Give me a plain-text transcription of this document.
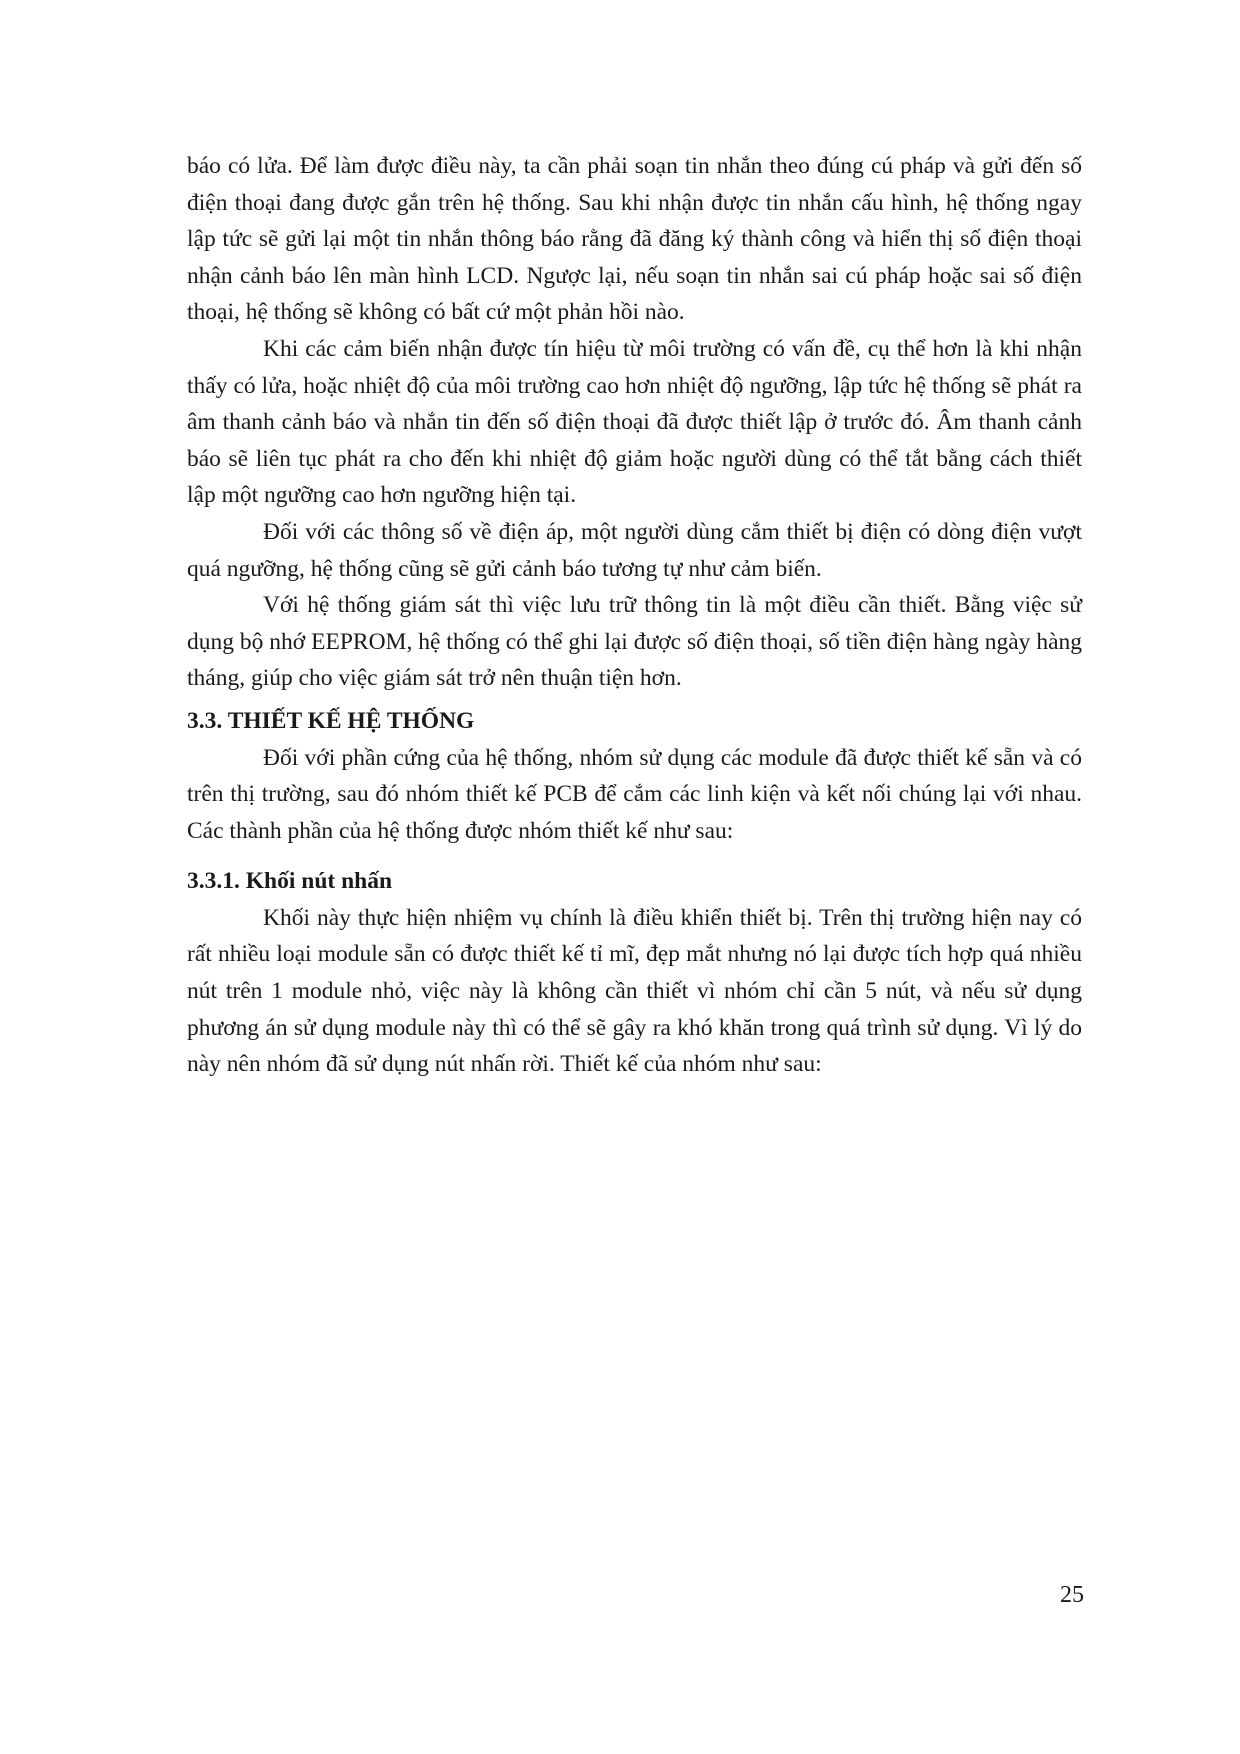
báo có lửa. Để làm được điều này, ta cần phải soạn tin nhắn theo đúng cú pháp và gửi đến số điện thoại đang được gắn trên hệ thống. Sau khi nhận được tin nhắn cấu hình, hệ thống ngay lập tức sẽ gửi lại một tin nhắn thông báo rằng đã đăng ký thành công và hiển thị số điện thoại nhận cảnh báo lên màn hình LCD. Ngược lại, nếu soạn tin nhắn sai cú pháp hoặc sai số điện thoại, hệ thống sẽ không có bất cứ một phản hồi nào.

Khi các cảm biến nhận được tín hiệu từ môi trường có vấn đề, cụ thể hơn là khi nhận thấy có lửa, hoặc nhiệt độ của môi trường cao hơn nhiệt độ ngưỡng, lập tức hệ thống sẽ phát ra âm thanh cảnh báo và nhắn tin đến số điện thoại đã được thiết lập ở trước đó. Âm thanh cảnh báo sẽ liên tục phát ra cho đến khi nhiệt độ giảm hoặc người dùng có thể tắt bằng cách thiết lập một ngưỡng cao hơn ngưỡng hiện tại.

Đối với các thông số về điện áp, một người dùng cắm thiết bị điện có dòng điện vượt quá ngưỡng, hệ thống cũng sẽ gửi cảnh báo tương tự như cảm biến.

Với hệ thống giám sát thì việc lưu trữ thông tin là một điều cần thiết. Bằng việc sử dụng bộ nhớ EEPROM, hệ thống có thể ghi lại được số điện thoại, số tiền điện hàng ngày hàng tháng, giúp cho việc giám sát trở nên thuận tiện hơn.

3.3. THIẾT KẾ HỆ THỐNG

Đối với phần cứng của hệ thống, nhóm sử dụng các module đã được thiết kế sẵn và có trên thị trường, sau đó nhóm thiết kế PCB để cắm các linh kiện và kết nối chúng lại với nhau. Các thành phần của hệ thống được nhóm thiết kế như sau:

3.3.1. Khối nút nhấn

Khối này thực hiện nhiệm vụ chính là điều khiển thiết bị. Trên thị trường hiện nay có rất nhiều loại module sẵn có được thiết kế tỉ mĩ, đẹp mắt nhưng nó lại được tích hợp quá nhiều nút trên 1 module nhỏ, việc này là không cần thiết vì nhóm chỉ cần 5 nút, và nếu sử dụng phương án sử dụng module này thì có thể sẽ gây ra khó khăn trong quá trình sử dụng. Vì lý do này nên nhóm đã sử dụng nút nhấn rời. Thiết kế của nhóm như sau:

25
